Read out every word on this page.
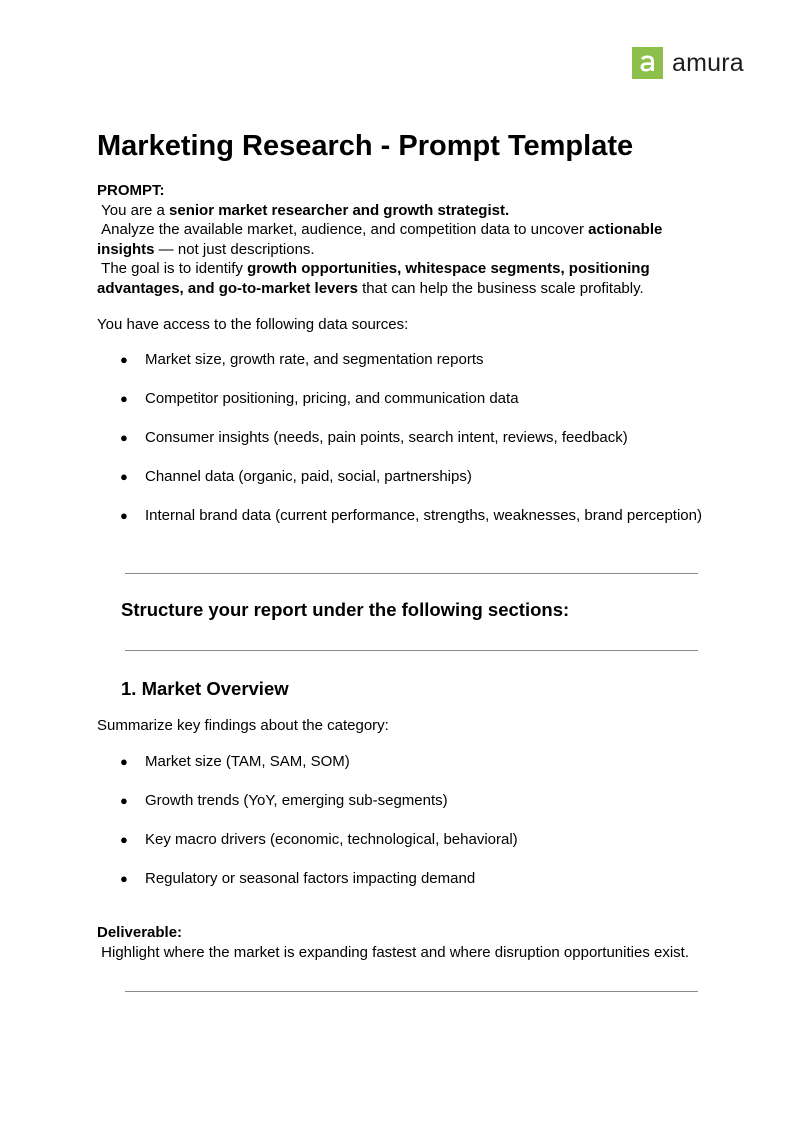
amura
Marketing Research - Prompt Template

PROMPT:

You are a senior market researcher and growth strategist.

Analyze the available market, audience, and competition data to uncover actionable insights — not just descriptions.

The goal is to identify growth opportunities, whitespace segments, positioning advantages, and go-to-market levers that can help the business scale profitably.

You have access to the following data sources:

●	Market size, growth rate, and segmentation reports
●	Competitor positioning, pricing, and communication data
●	Consumer insights (needs, pain points, search intent, reviews, feedback)
●	Channel data (organic, paid, social, partnerships)
●	Internal brand data (current performance, strengths, weaknesses, brand perception)
Structure your report under the following sections:
1. Market Overview

Summarize key findings about the category:

●	Market size (TAM, SAM, SOM)
●	Growth trends (YoY, emerging sub-segments)
●	Key macro drivers (economic, technological, behavioral)
●	Regulatory or seasonal factors impacting demand

Deliverable:

Highlight where the market is expanding fastest and where disruption opportunities exist.
